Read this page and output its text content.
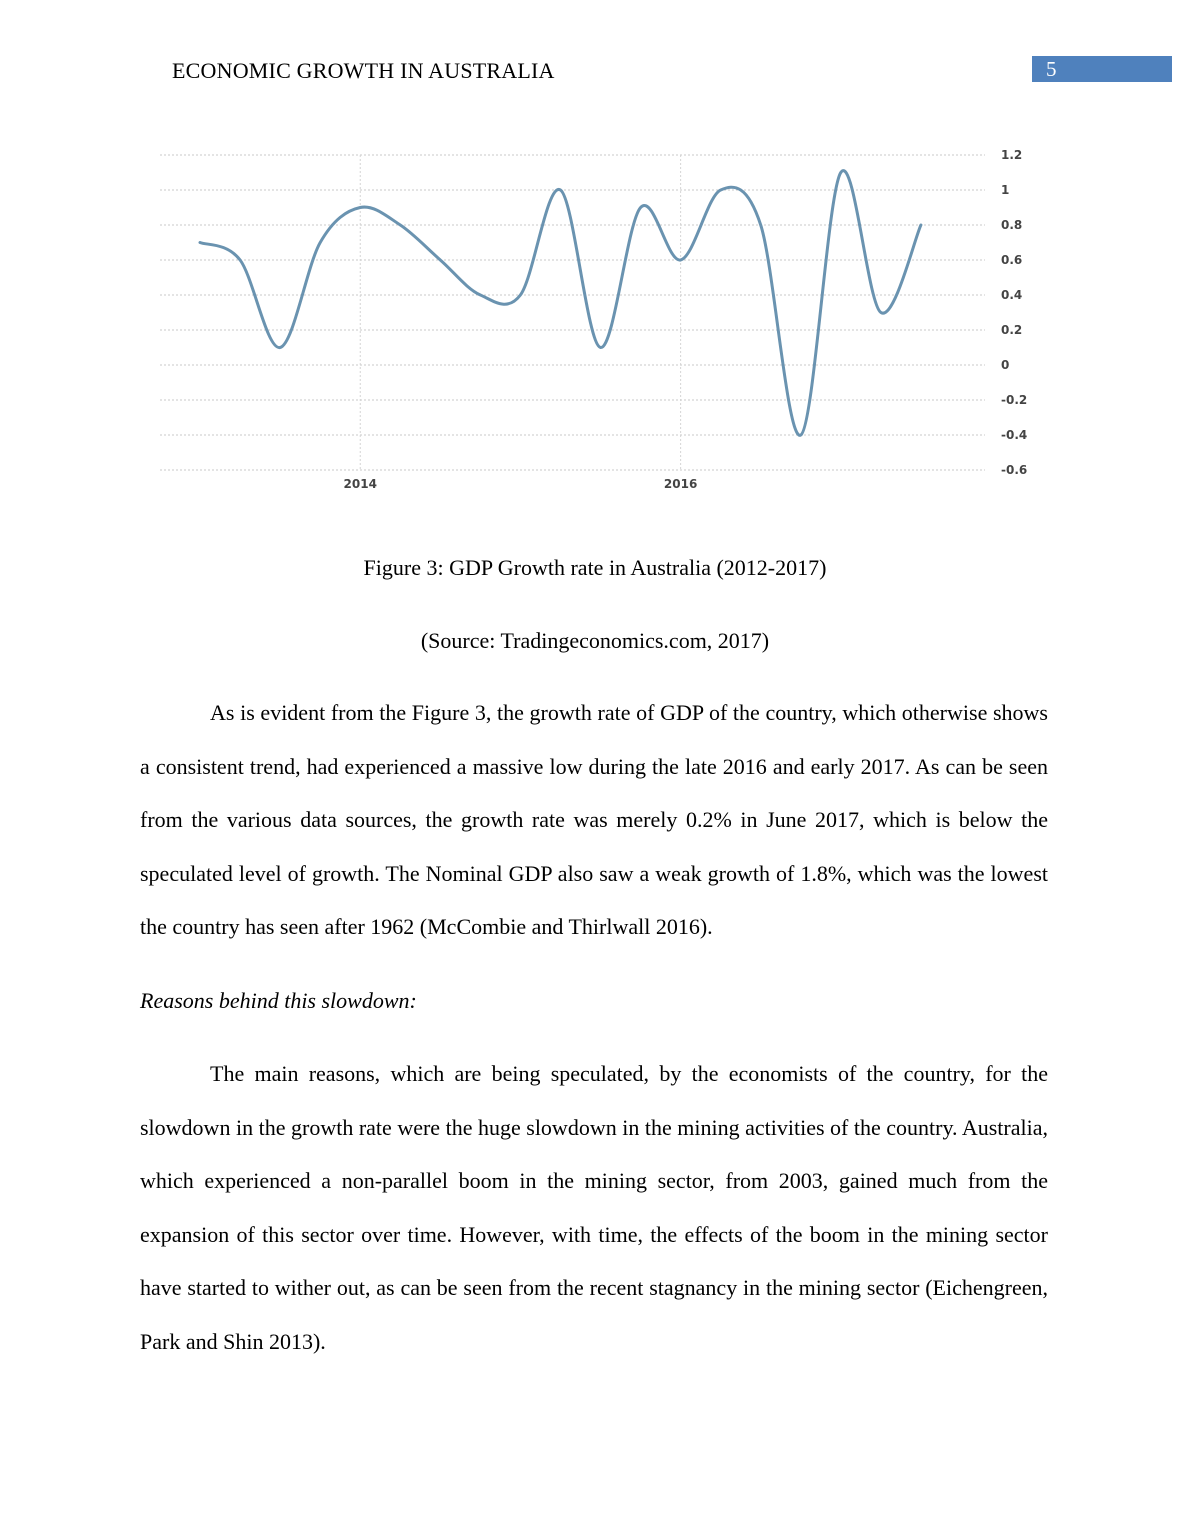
ECONOMIC GROWTH IN AUSTRALIA	5
1.2
1
0.8
0.6
0.4
0.2
0
-0.2
-0.4
-0.6
2014	2016
Figure 3: GDP Growth rate in Australia (2012-2017)
(Source: Tradingeconomics.com, 2017)

As is evident from the Figure 3, the growth rate of GDP of the country, which otherwise shows a consistent trend, had experienced a massive low during the late 2016 and early 2017. As can be seen from the various data sources, the growth rate was merely 0.2% in June 2017, which is below the speculated level of growth. The Nominal GDP also saw a weak growth of 1.8%, which was the lowest the country has seen after 1962 (McCombie and Thirlwall 2016).

Reasons behind this slowdown:

The main reasons, which are being speculated, by the economists of the country, for the slowdown in the growth rate were the huge slowdown in the mining activities of the country. Australia, which experienced a non-parallel boom in the mining sector, from 2003, gained much from the expansion of this sector over time. However, with time, the effects of the boom in the mining sector have started to wither out, as can be seen from the recent stagnancy in the mining sector (Eichengreen, Park and Shin 2013).
